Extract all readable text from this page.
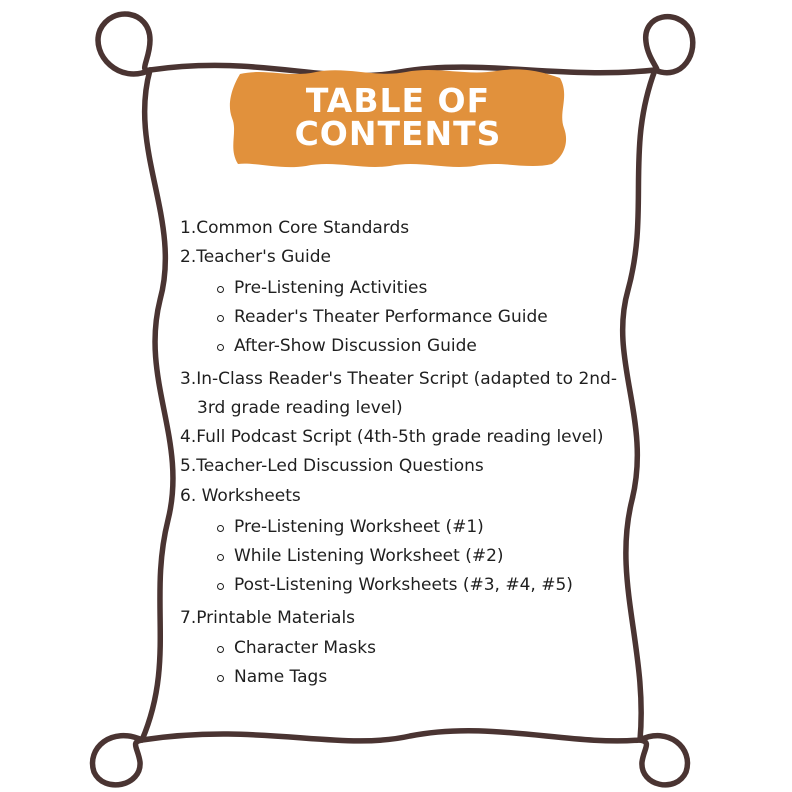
TABLE OF
CONTENTS
1.Common Core Standards
2.Teacher's Guide
Pre-Listening Activities
Reader's Theater Performance Guide
After-Show Discussion Guide
3.In-Class Reader's Theater Script (adapted to 2nd-
3rd grade reading level)
4.Full Podcast Script (4th-5th grade reading level)
5.Teacher-Led Discussion Questions
6. Worksheets
Pre-Listening Worksheet (#1)
While Listening Worksheet (#2)
Post-Listening Worksheets (#3, #4, #5)
7.Printable Materials
Character Masks
Name Tags
